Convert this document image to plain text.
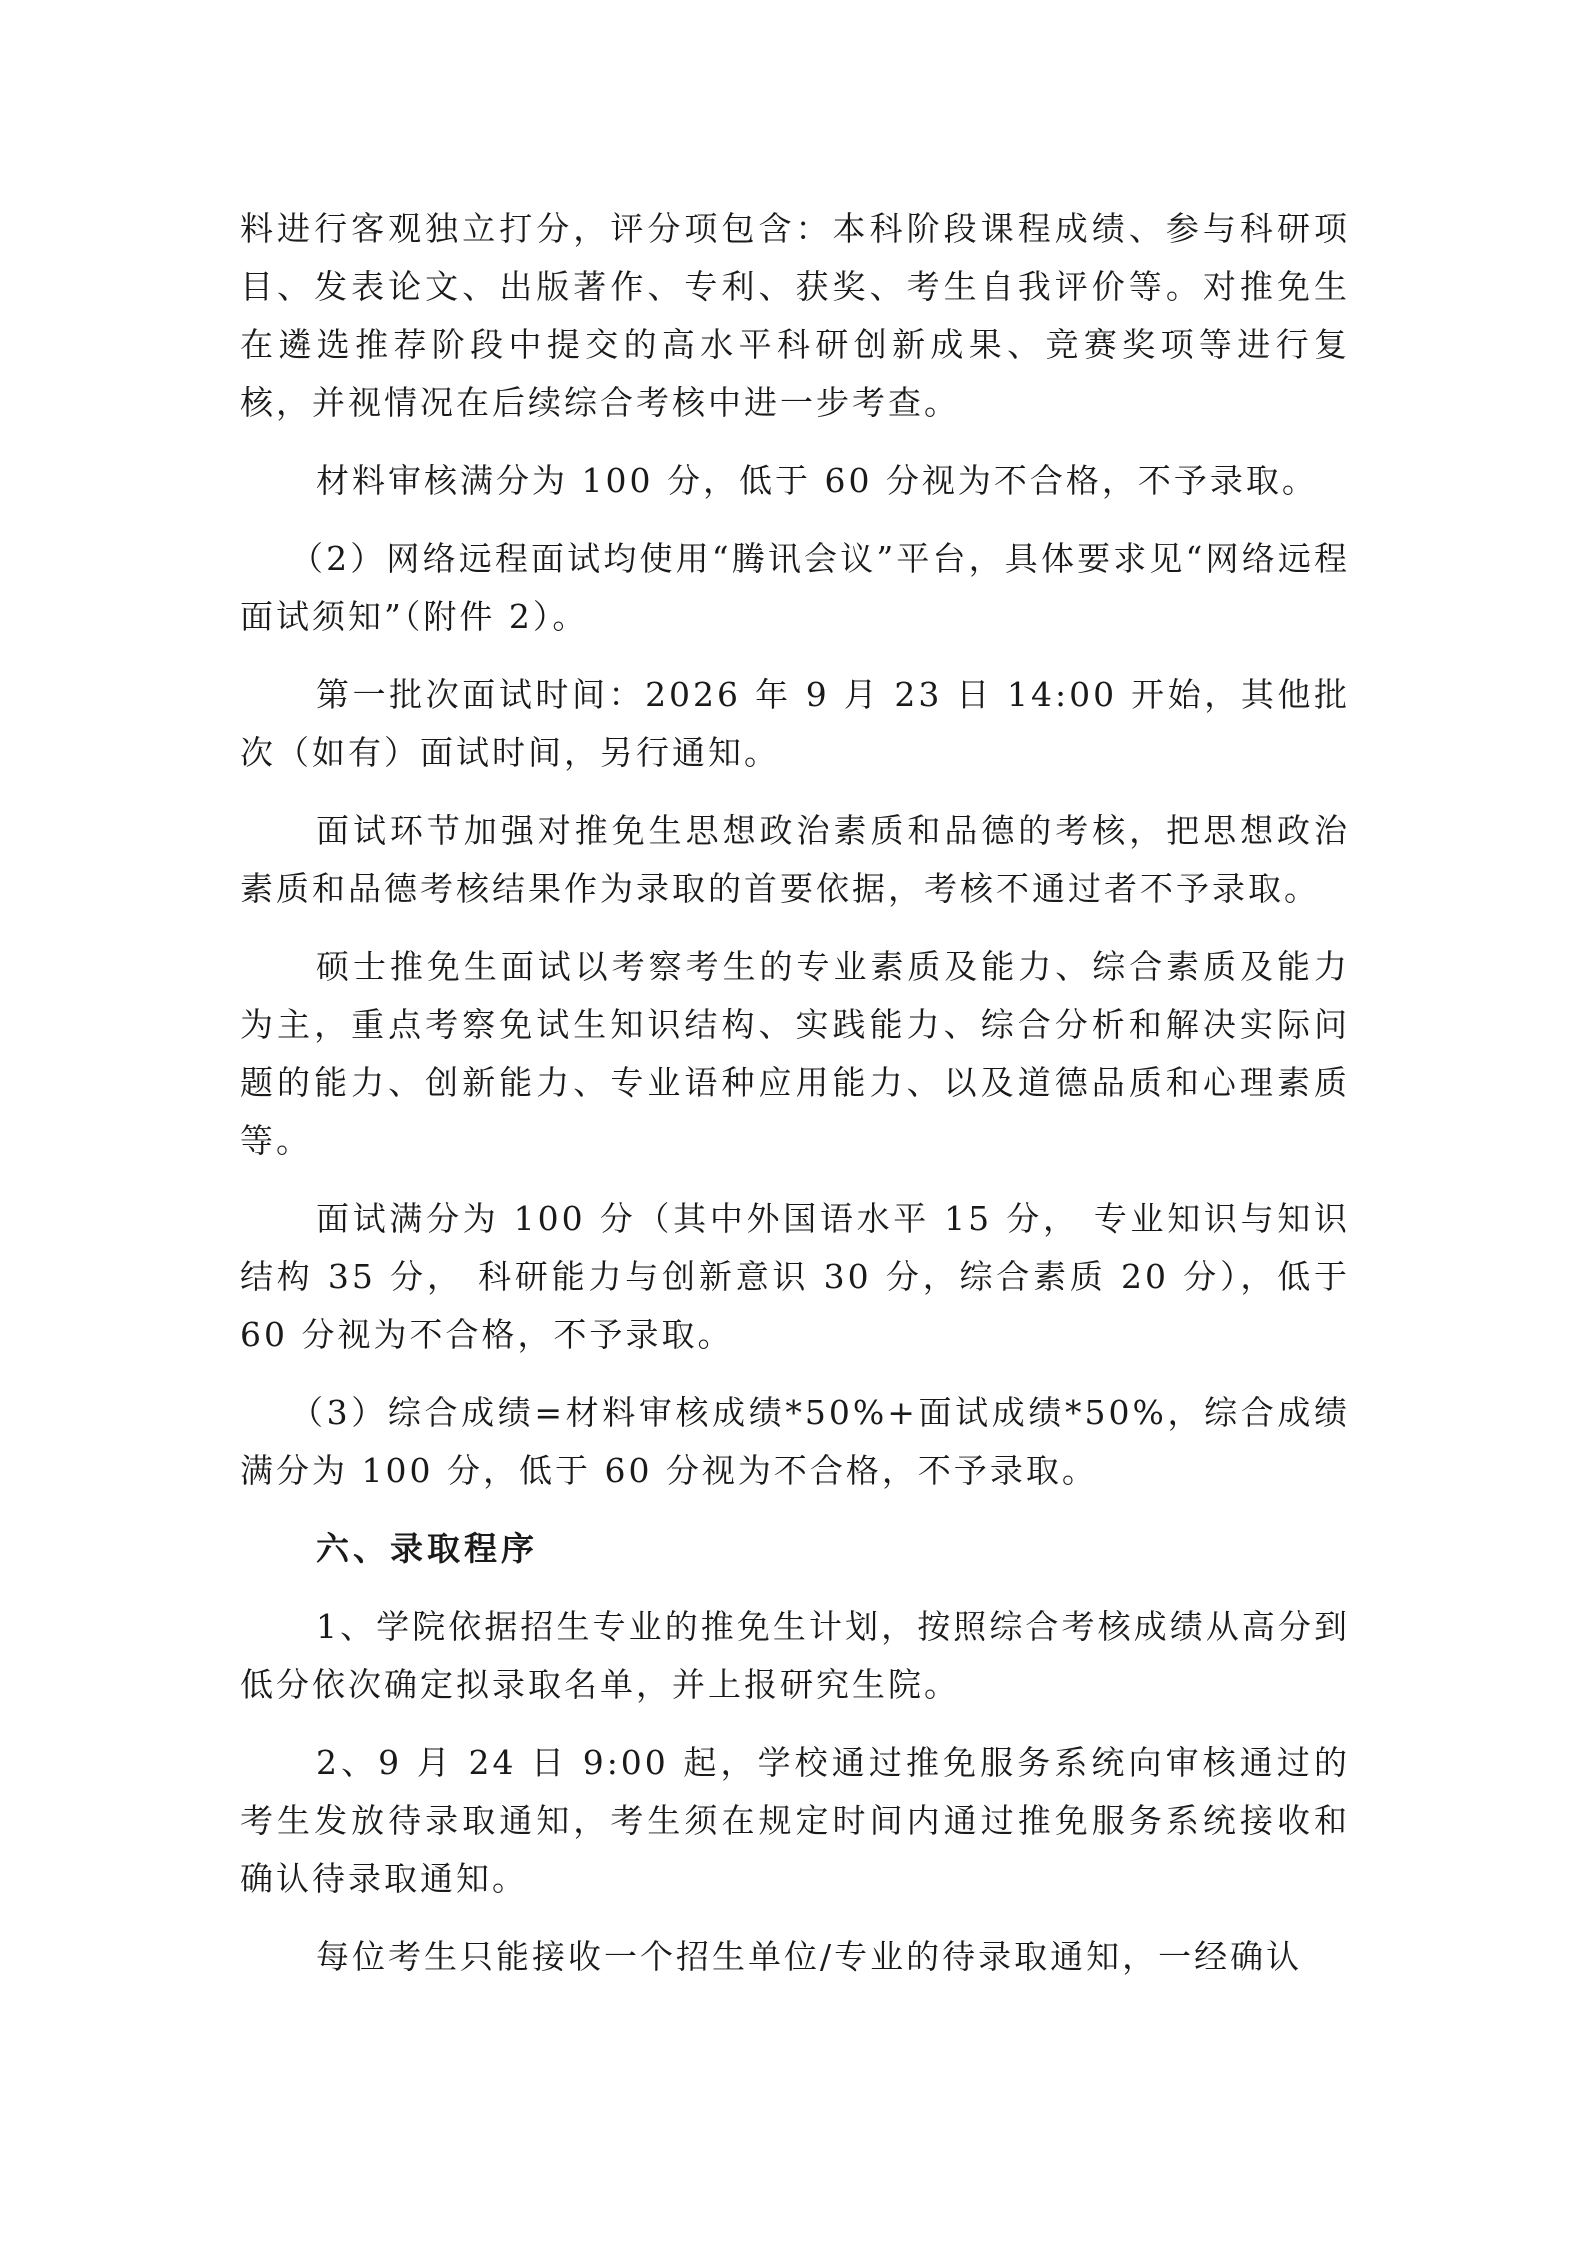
料进行客观独立打分，评分项包含：本科阶段课程成绩、参与科研项目、发表论文、出版著作、专利、获奖、考生自我评价等。对推免生在遴选推荐阶段中提交的高水平科研创新成果、竞赛奖项等进行复核，并视情况在后续综合考核中进一步考查。

材料审核满分为 100 分，低于 60 分视为不合格，不予录取。

（2）网络远程面试均使用“腾讯会议”平台，具体要求见“网络远程面试须知”（附件 2）。

第一批次面试时间：2026 年 9 月 23 日 14:00 开始，其他批次（如有）面试时间，另行通知。

面试环节加强对推免生思想政治素质和品德的考核，把思想政治素质和品德考核结果作为录取的首要依据，考核不通过者不予录取。

硕士推免生面试以考察考生的专业素质及能力、综合素质及能力为主，重点考察免试生知识结构、实践能力、综合分析和解决实际问题的能力、创新能力、专业语种应用能力、以及道德品质和心理素质等。

面试满分为 100 分（其中外国语水平 15 分， 专业知识与知识结构 35 分， 科研能力与创新意识 30 分，综合素质 20 分），低于 60 分视为不合格，不予录取。

（3）综合成绩=材料审核成绩*50%+面试成绩*50%，综合成绩满分为 100 分，低于 60 分视为不合格，不予录取。

六、录取程序

1、学院依据招生专业的推免生计划，按照综合考核成绩从高分到低分依次确定拟录取名单，并上报研究生院。

2、9 月 24 日 9:00 起，学校通过推免服务系统向审核通过的考生发放待录取通知，考生须在规定时间内通过推免服务系统接收和确认待录取通知。

每位考生只能接收一个招生单位/专业的待录取通知，一经确认
